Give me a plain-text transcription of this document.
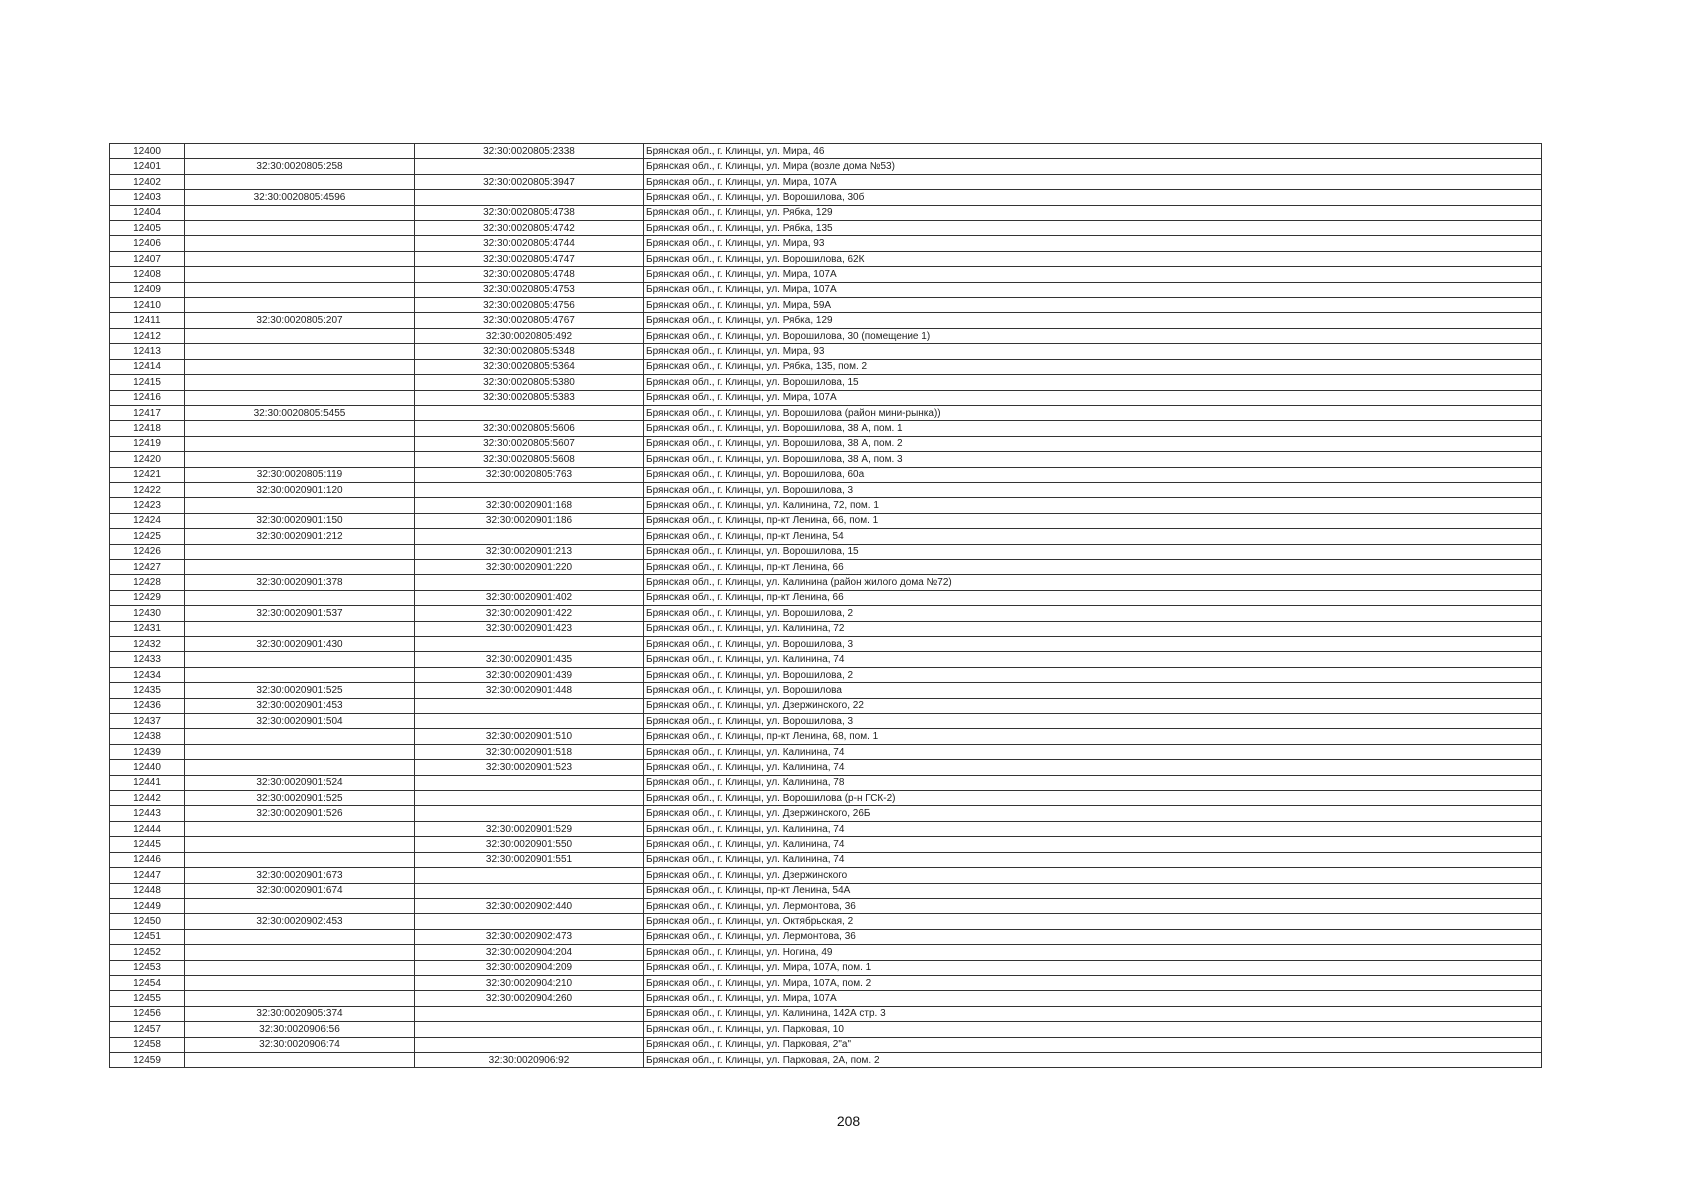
12400		32:30:0020805:2338	Брянская обл., г. Клинцы, ул. Мира, 46
12401	32:30:0020805:258		Брянская обл., г. Клинцы, ул. Мира (возле дома №53)
12402		32:30:0020805:3947	Брянская обл., г. Клинцы, ул. Мира, 107А
12403	32:30:0020805:4596		Брянская обл., г. Клинцы, ул. Ворошилова, 30б
12404		32:30:0020805:4738	Брянская обл., г. Клинцы, ул. Рябка, 129
12405		32:30:0020805:4742	Брянская обл., г. Клинцы, ул. Рябка, 135
12406		32:30:0020805:4744	Брянская обл., г. Клинцы, ул. Мира, 93
12407		32:30:0020805:4747	Брянская обл., г. Клинцы, ул. Ворошилова, 62К
12408		32:30:0020805:4748	Брянская обл., г. Клинцы, ул. Мира, 107А
12409		32:30:0020805:4753	Брянская обл., г. Клинцы, ул. Мира, 107А
12410		32:30:0020805:4756	Брянская обл., г. Клинцы, ул. Мира, 59А
12411	32:30:0020805:207	32:30:0020805:4767	Брянская обл., г. Клинцы, ул. Рябка, 129
12412		32:30:0020805:492	Брянская обл., г. Клинцы, ул. Ворошилова, 30 (помещение 1)
12413		32:30:0020805:5348	Брянская обл., г. Клинцы, ул. Мира, 93
12414		32:30:0020805:5364	Брянская обл., г. Клинцы, ул. Рябка, 135, пом. 2
12415		32:30:0020805:5380	Брянская обл., г. Клинцы, ул. Ворошилова, 15
12416		32:30:0020805:5383	Брянская обл., г. Клинцы, ул. Мира, 107А
12417	32:30:0020805:5455		Брянская обл., г. Клинцы, ул. Ворошилова (район мини-рынка))
12418		32:30:0020805:5606	Брянская обл., г. Клинцы, ул. Ворошилова, 38 А, пом. 1
12419		32:30:0020805:5607	Брянская обл., г. Клинцы, ул. Ворошилова, 38 А, пом. 2
12420		32:30:0020805:5608	Брянская обл., г. Клинцы, ул. Ворошилова, 38 А, пом. 3
12421	32:30:0020805:119	32:30:0020805:763	Брянская обл., г. Клинцы, ул. Ворошилова, 60а
12422	32:30:0020901:120		Брянская обл., г. Клинцы, ул. Ворошилова, 3
12423		32:30:0020901:168	Брянская обл., г. Клинцы, ул. Калинина, 72, пом. 1
12424	32:30:0020901:150	32:30:0020901:186	Брянская обл., г. Клинцы, пр-кт Ленина, 66, пом. 1
12425	32:30:0020901:212		Брянская обл., г. Клинцы, пр-кт Ленина, 54
12426		32:30:0020901:213	Брянская обл., г. Клинцы, ул. Ворошилова, 15
12427		32:30:0020901:220	Брянская обл., г. Клинцы, пр-кт Ленина, 66
12428	32:30:0020901:378		Брянская обл., г. Клинцы, ул. Калинина (район жилого дома №72)
12429		32:30:0020901:402	Брянская обл., г. Клинцы, пр-кт Ленина, 66
12430	32:30:0020901:537	32:30:0020901:422	Брянская обл., г. Клинцы, ул. Ворошилова, 2
12431		32:30:0020901:423	Брянская обл., г. Клинцы, ул. Калинина, 72
12432	32:30:0020901:430		Брянская обл., г. Клинцы, ул. Ворошилова, 3
12433		32:30:0020901:435	Брянская обл., г. Клинцы, ул. Калинина, 74
12434		32:30:0020901:439	Брянская обл., г. Клинцы, ул. Ворошилова, 2
12435	32:30:0020901:525	32:30:0020901:448	Брянская обл., г. Клинцы, ул. Ворошилова
12436	32:30:0020901:453		Брянская обл., г. Клинцы, ул. Дзержинского, 22
12437	32:30:0020901:504		Брянская обл., г. Клинцы, ул. Ворошилова, 3
12438		32:30:0020901:510	Брянская обл., г. Клинцы, пр-кт Ленина, 68, пом. 1
12439		32:30:0020901:518	Брянская обл., г. Клинцы, ул. Калинина, 74
12440		32:30:0020901:523	Брянская обл., г. Клинцы, ул. Калинина, 74
12441	32:30:0020901:524		Брянская обл., г. Клинцы, ул. Калинина, 78
12442	32:30:0020901:525		Брянская обл., г. Клинцы, ул. Ворошилова (р-н ГСК-2)
12443	32:30:0020901:526		Брянская обл., г. Клинцы, ул. Дзержинского, 26Б
12444		32:30:0020901:529	Брянская обл., г. Клинцы, ул. Калинина, 74
12445		32:30:0020901:550	Брянская обл., г. Клинцы, ул. Калинина, 74
12446		32:30:0020901:551	Брянская обл., г. Клинцы, ул. Калинина, 74
12447	32:30:0020901:673		Брянская обл., г. Клинцы, ул. Дзержинского
12448	32:30:0020901:674		Брянская обл., г. Клинцы, пр-кт Ленина, 54А
12449		32:30:0020902:440	Брянская обл., г. Клинцы, ул. Лермонтова, 36
12450	32:30:0020902:453		Брянская обл., г. Клинцы, ул. Октябрьская, 2
12451		32:30:0020902:473	Брянская обл., г. Клинцы, ул. Лермонтова, 36
12452		32:30:0020904:204	Брянская обл., г. Клинцы, ул. Ногина, 49
12453		32:30:0020904:209	Брянская обл., г. Клинцы, ул. Мира, 107А, пом. 1
12454		32:30:0020904:210	Брянская обл., г. Клинцы, ул. Мира, 107А, пом. 2
12455		32:30:0020904:260	Брянская обл., г. Клинцы, ул. Мира, 107А
12456	32:30:0020905:374		Брянская обл., г. Клинцы, ул. Калинина, 142А стр. 3
12457	32:30:0020906:56		Брянская обл., г. Клинцы, ул. Парковая, 10
12458	32:30:0020906:74		Брянская обл., г. Клинцы, ул. Парковая, 2"а"
12459		32:30:0020906:92	Брянская обл., г. Клинцы, ул. Парковая, 2А, пом. 2
208
